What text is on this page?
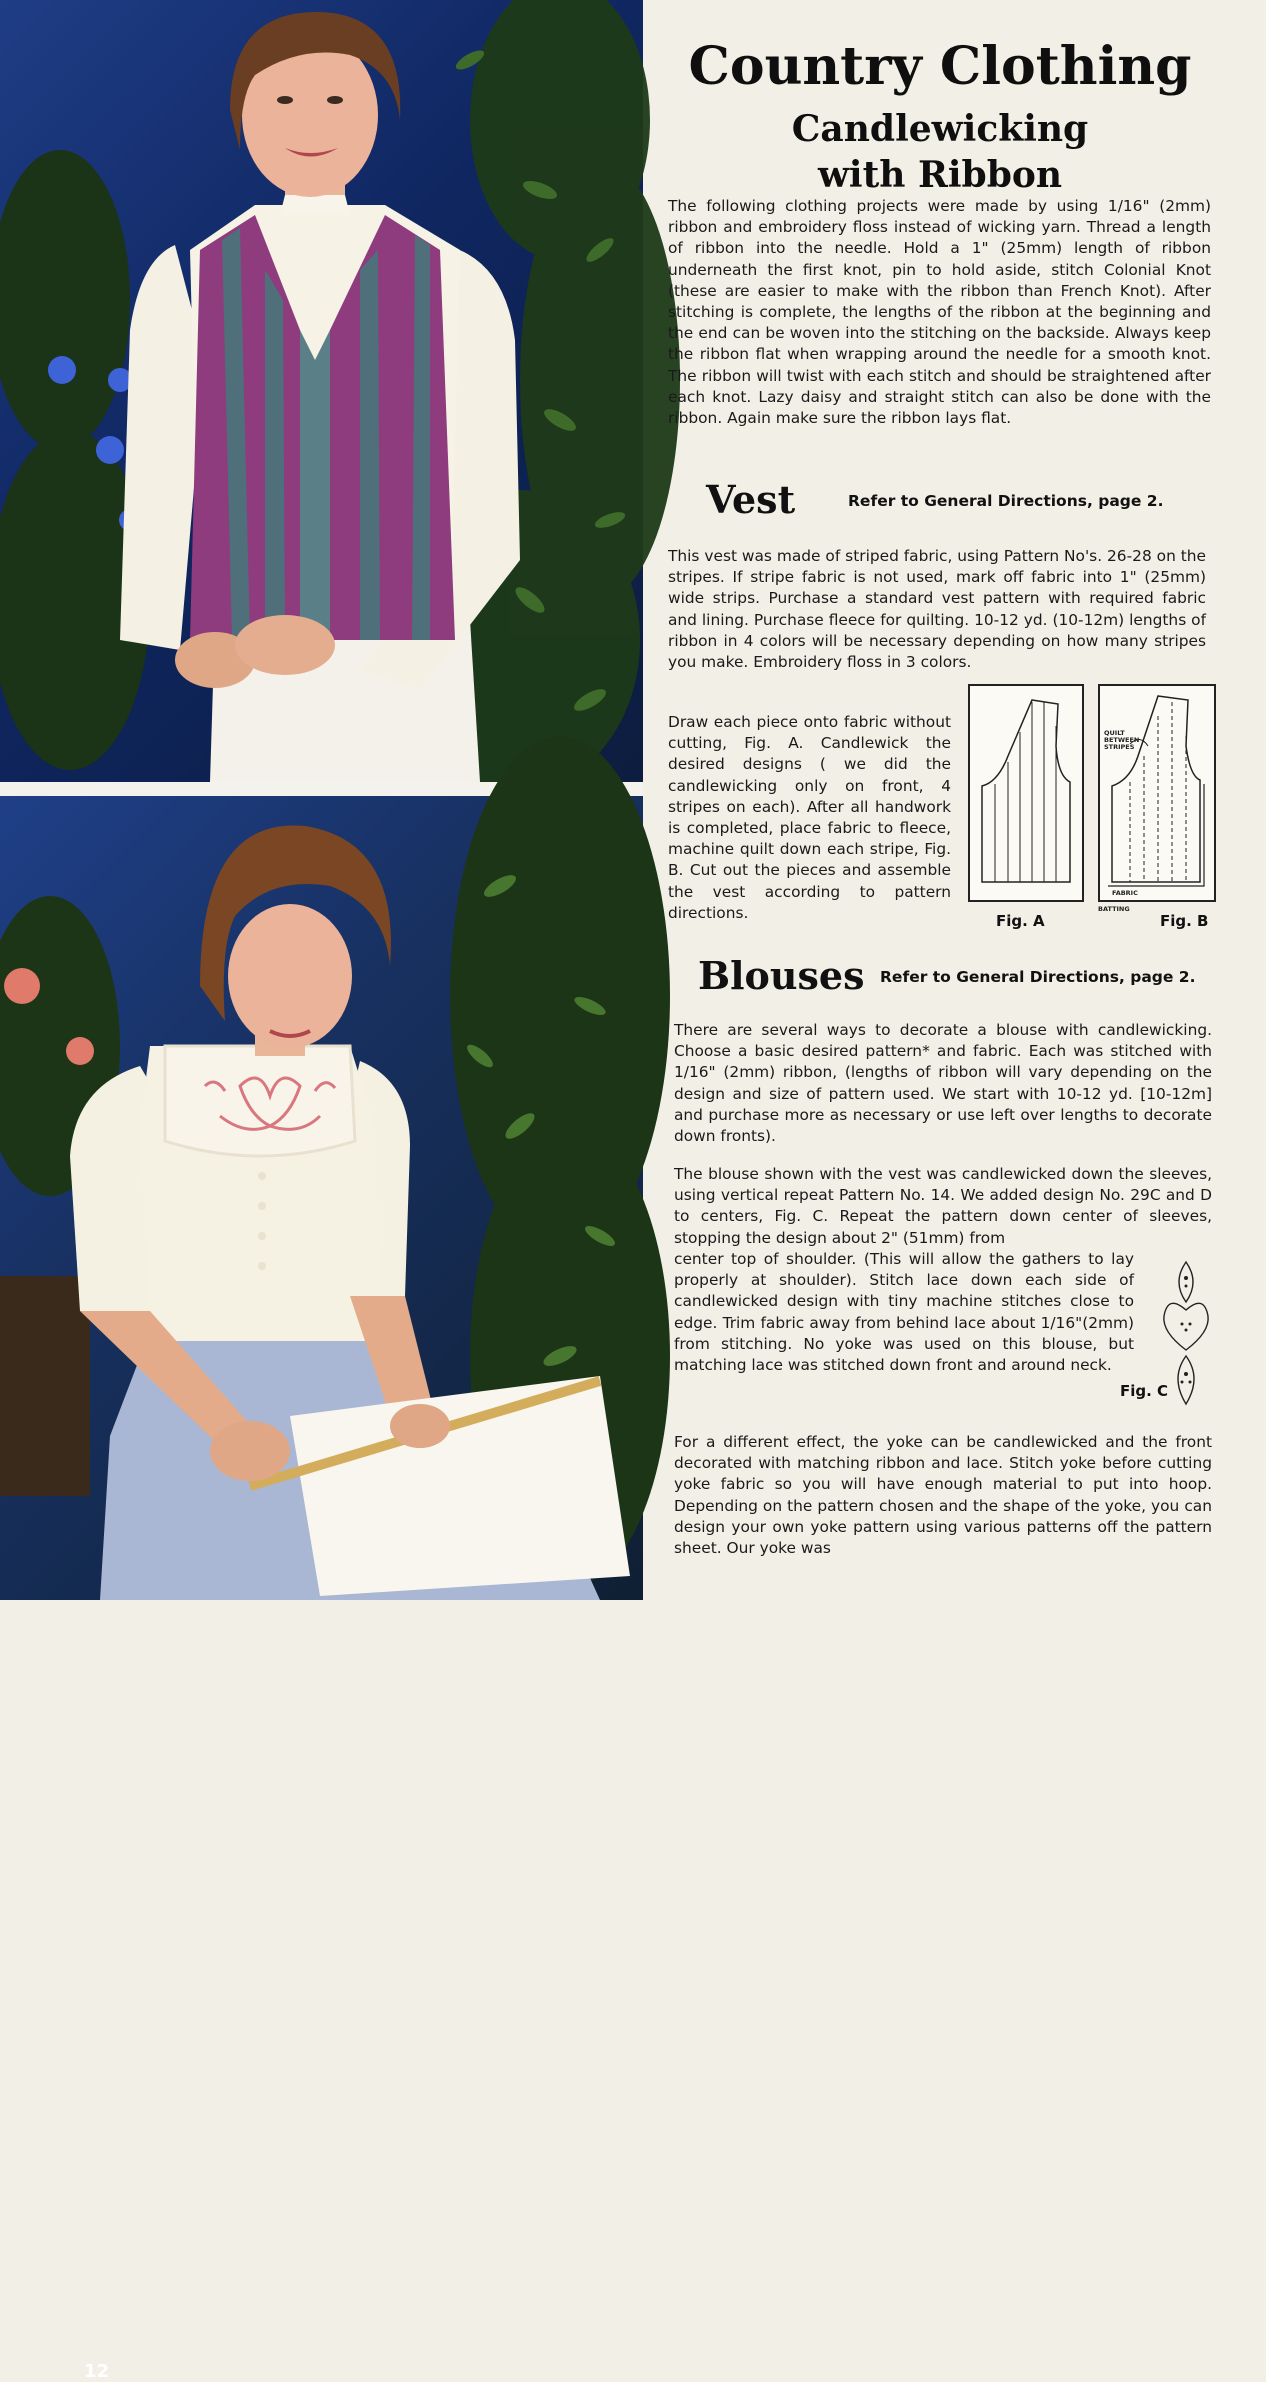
12
Country Clothing
Candlewicking
with Ribbon

The following clothing projects were made by using 1/16" (2mm) ribbon and embroidery floss instead of wicking yarn. Thread a length of ribbon into the needle. Hold a 1" (25mm) length of ribbon underneath the first knot, pin to hold aside, stitch Colonial Knot (these are easier to make with the ribbon than French Knot). After stitching is complete, the lengths of the ribbon at the beginning and the end can be woven into the stitching on the backside. Always keep the ribbon flat when wrapping around the needle for a smooth knot. The ribbon will twist with each stitch and should be straightened after each knot. Lazy daisy and straight stitch can also be done with the ribbon. Again make sure the ribbon lays flat.

Vest	Refer to General Directions, page 2.

This vest was made of striped fabric, using Pattern No's. 26-28 on the stripes. If stripe fabric is not used, mark off fabric into 1" (25mm) wide strips. Purchase a standard vest pattern with required fabric and lining. Purchase fleece for quilting. 10-12 yd. (10-12m) lengths of ribbon in 4 colors will be necessary depending on how many stripes you make. Embroidery floss in 3 colors.

Draw each piece onto fabric without cutting, Fig. A. Candlewick the desired designs ( we did the candlewicking only on front, 4 stripes on each). After all handwork is completed, place fabric to fleece, machine quilt down each stripe, Fig. B. Cut out the pieces and assemble the vest according to pattern directions.	Fig. A
QUILT BETWEEN STRIPES
FABRIC
BATTING
Fig. B
Blouses Refer to General Directions, page 2.

There are several ways to decorate a blouse with candlewicking. Choose a basic desired pattern* and fabric. Each was stitched with 1/16" (2mm) ribbon, (lengths of ribbon will vary depending on the design and size of pattern used. We start with 10-12 yd. [10-12m] and purchase more as necessary or use left over lengths to decorate down fronts).

The blouse shown with the vest was candlewicked down the sleeves, using vertical repeat Pattern No. 14. We added design No. 29C and D to centers, Fig. C. Repeat the pattern down center of sleeves, stopping the design about 2" (51mm) from

center top of shoulder. (This will allow the gathers to lay properly at shoulder). Stitch lace down each side of candlewicked design with tiny machine stitches close to edge. Trim fabric away from behind lace about 1/16"(2mm) from stitching. No yoke was used on this blouse, but matching lace was stitched down front and around neck.

Fig. C

For a different effect, the yoke can be candlewicked and the front decorated with matching ribbon and lace. Stitch yoke before cutting yoke fabric so you will have enough material to put into hoop. Depending on the pattern chosen and the shape of the yoke, you can design your own yoke pattern using various patterns off the pattern sheet. Our yoke was
